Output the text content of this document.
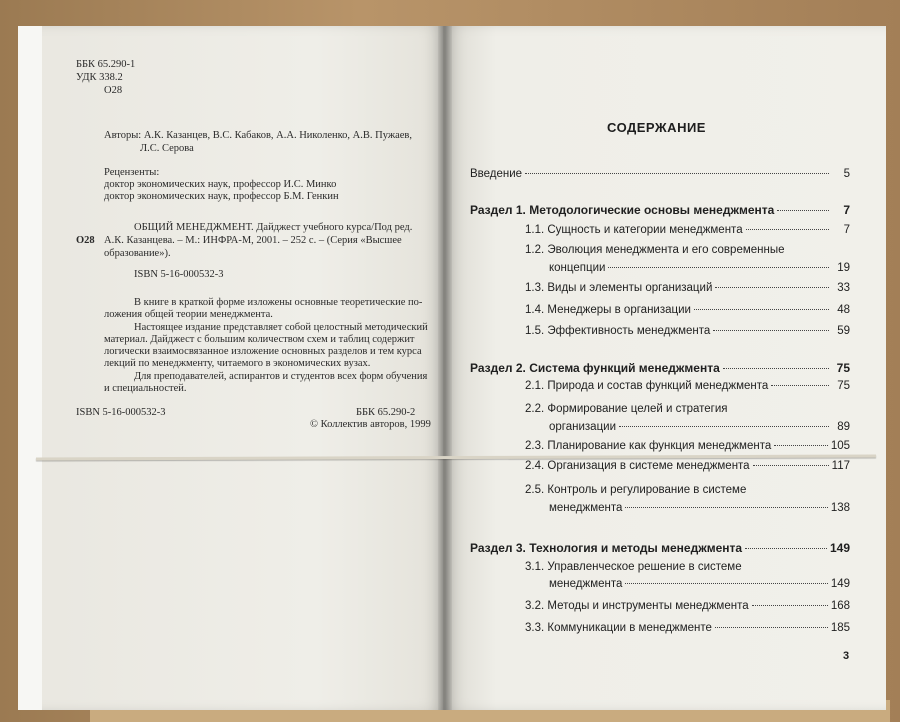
ББК 65.290-1
УДК 338.2
О28
Авторы: А.К. Казанцев, В.С. Кабаков, А.А. Николенко, А.В. Пужаев,
Л.С. Серова
Рецензенты:
доктор экономических наук, профессор И.С. Минко
доктор экономических наук, профессор Б.М. Генкин
О28
ОБЩИЙ МЕНЕДЖМЕНТ. Дайджест учебного курса/Под ред.
А.К. Казанцева. – М.: ИНФРА-М, 2001. – 252 с. – (Серия «Высшее
образование»).
ISBN 5-16-000532-3
В книге в краткой форме изложены основные теоретические по-
ложения общей теории менеджмента.
Настоящее издание представляет собой целостный методический
материал. Дайджест с большим количеством схем и таблиц содержит
логически взаимосвязанное изложение основных разделов и тем курса
лекций по менеджменту, читаемого в экономических вузах.
Для преподавателей, аспирантов и студентов всех форм обучения
и специальностей.
ISBN 5-16-000532-3	ББК 65.290-2
© Коллектив авторов, 1999
СОДЕРЖАНИЕ
Введение	5
Раздел 1. Методологические основы менеджмента	7
1.1. Сущность и категории менеджмента	7
1.2. Эволюция менеджмента и его современные
концепции	19
1.3. Виды и элементы организаций	33
1.4. Менеджеры в организации	48
1.5. Эффективность менеджмента	59
Раздел 2. Система функций менеджмента	75
2.1. Природа и состав функций менеджмента	75
2.2. Формирование целей и стратегия
организации	89
2.3. Планирование как функция менеджмента	105
2.4. Организация в системе менеджмента	117
2.5. Контроль и регулирование в системе
менеджмента	138
Раздел 3. Технология и методы менеджмента	149
3.1. Управленческое решение в системе
менеджмента	149
3.2. Методы и инструменты менеджмента	168
3.3. Коммуникации в менеджменте	185
3
